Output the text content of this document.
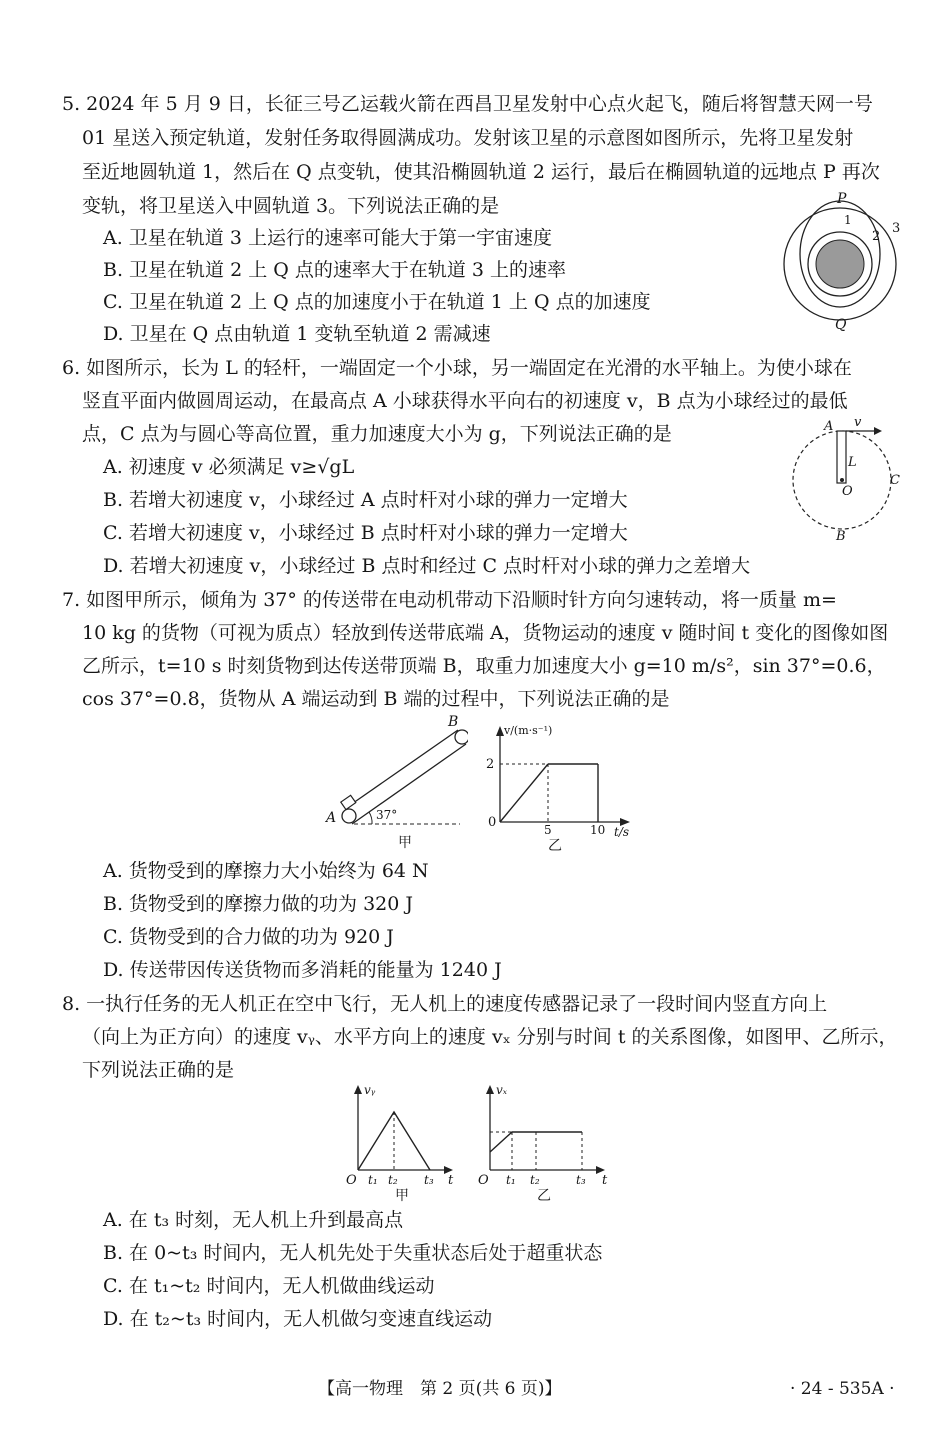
5. 2024 年 5 月 9 日，长征三号乙运载火箭在西昌卫星发射中心点火起飞，随后将智慧天网一号
01 星送入预定轨道，发射任务取得圆满成功。发射该卫星的示意图如图所示，先将卫星发射
至近地圆轨道 1，然后在 Q 点变轨，使其沿椭圆轨道 2 运行，最后在椭圆轨道的远地点 P 再次
变轨，将卫星送入中圆轨道 3。下列说法正确的是
A. 卫星在轨道 3 上运行的速率可能大于第一宇宙速度
B. 卫星在轨道 2 上 Q 点的速率大于在轨道 3 上的速率
C. 卫星在轨道 2 上 Q 点的加速度小于在轨道 1 上 Q 点的加速度
D. 卫星在 Q 点由轨道 1 变轨至轨道 2 需减速
P
Q
1
2
3
6. 如图所示，长为 L 的轻杆，一端固定一个小球，另一端固定在光滑的水平轴上。为使小球在
竖直平面内做圆周运动，在最高点 A 小球获得水平向右的初速度 v，B 点为小球经过的最低
点，C 点为与圆心等高位置，重力加速度大小为 g，下列说法正确的是
A. 初速度 v 必须满足 v≥√gL
B. 若增大初速度 v，小球经过 A 点时杆对小球的弹力一定增大
C. 若增大初速度 v，小球经过 B 点时杆对小球的弹力一定增大
D. 若增大初速度 v，小球经过 B 点时和经过 C 点时杆对小球的弹力之差增大
A v
L
O
C
B
7. 如图甲所示，倾角为 37° 的传送带在电动机带动下沿顺时针方向匀速转动，将一质量 m=
10 kg 的货物（可视为质点）轻放到传送带底端 A，货物运动的速度 v 随时间 t 变化的图像如图
乙所示，t=10 s 时刻货物到达传送带顶端 B，取重力加速度大小 g=10 m/s²，sin 37°=0.6，
cos 37°=0.8，货物从 A 端运动到 B 端的过程中，下列说法正确的是
B
A	37°
甲
v/(m·s⁻¹)
t/s
0
2
5	10
乙
A. 货物受到的摩擦力大小始终为 64 N
B. 货物受到的摩擦力做的功为 320 J
C. 货物受到的合力做的功为 920 J
D. 传送带因传送货物而多消耗的能量为 1240 J
8. 一执行任务的无人机正在空中飞行，无人机上的速度传感器记录了一段时间内竖直方向上
（向上为正方向）的速度 vᵧ、水平方向上的速度 vₓ 分别与时间 t 的关系图像，如图甲、乙所示，
下列说法正确的是
vᵧ
t
O t₁ t₂ t₃
甲
vₓ
t
O t₁ t₂	t₃
乙
A. 在 t₃ 时刻，无人机上升到最高点
B. 在 0~t₃ 时间内，无人机先处于失重状态后处于超重状态
C. 在 t₁~t₂ 时间内，无人机做曲线运动
D. 在 t₂~t₃ 时间内，无人机做匀变速直线运动
【高一物理　第 2 页(共 6 页)】	· 24 - 535A ·
